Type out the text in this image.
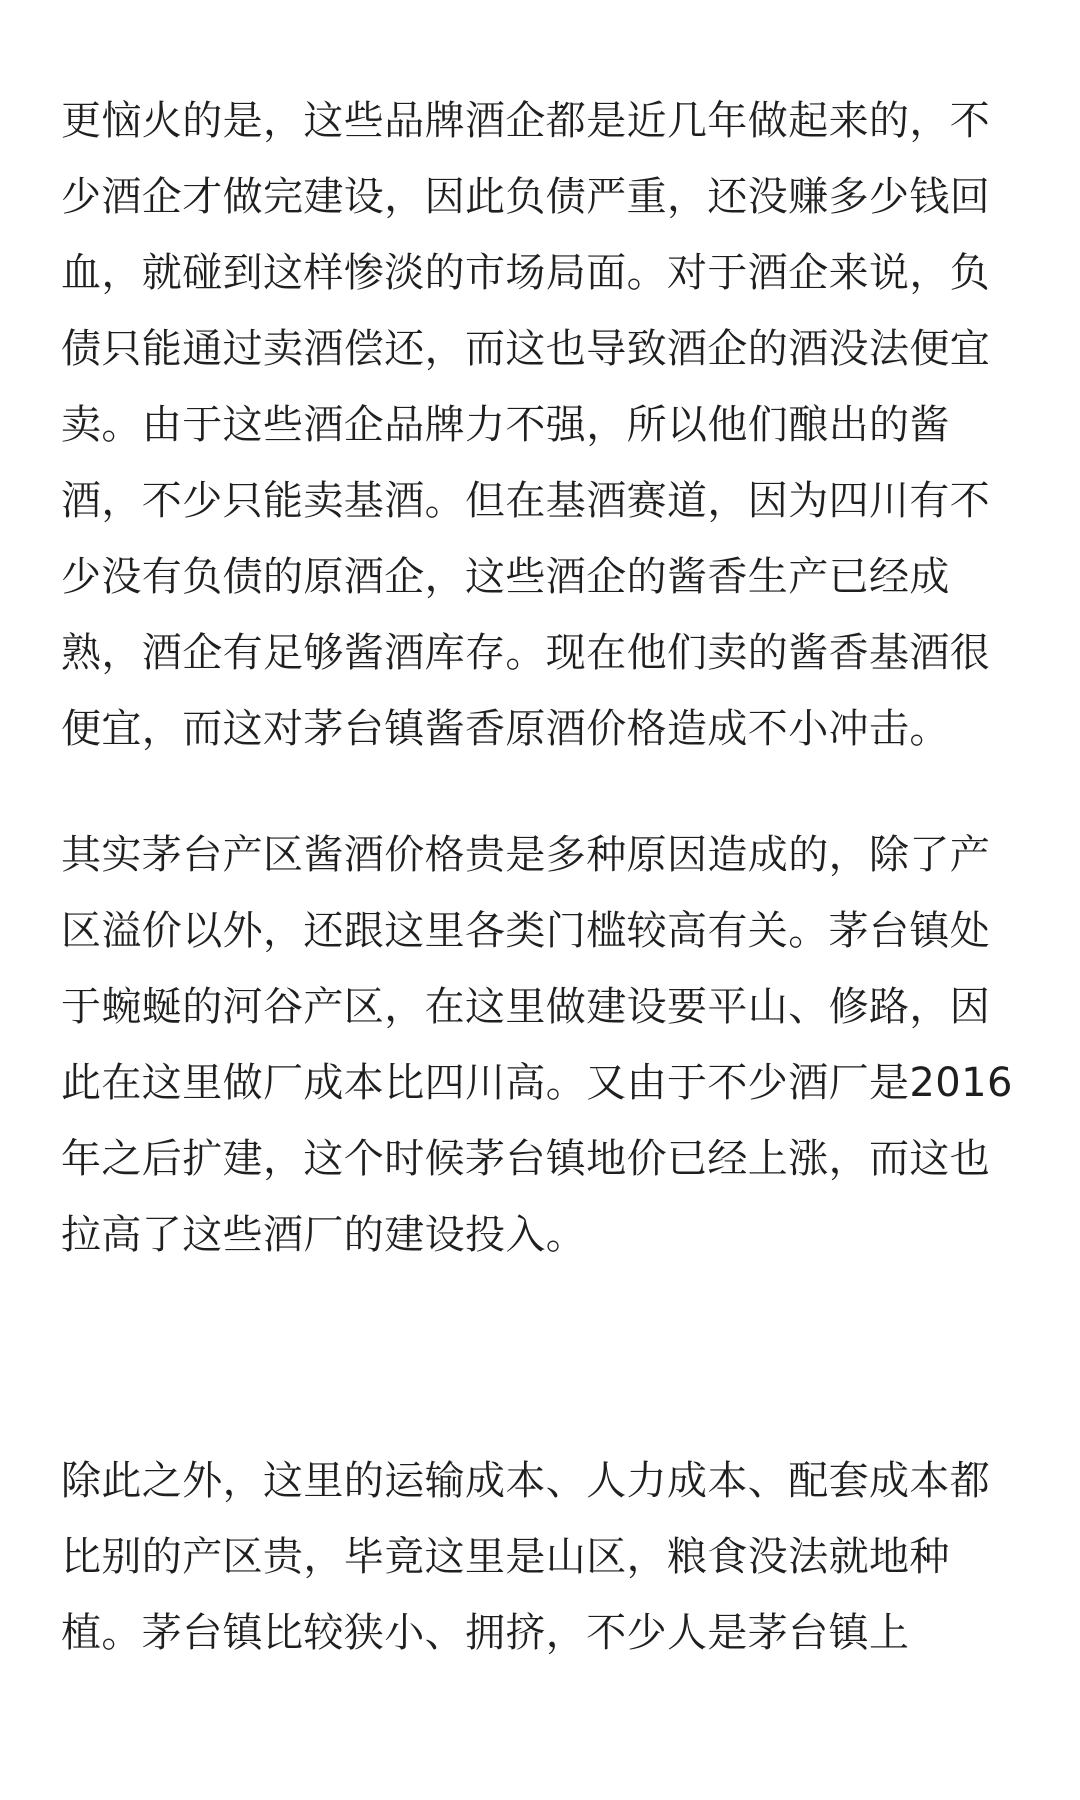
更恼火的是，这些品牌酒企都是近几年做起来的，不少酒企才做完建设，因此负债严重，还没赚多少钱回血，就碰到这样惨淡的市场局面。对于酒企来说，负债只能通过卖酒偿还，而这也导致酒企的酒没法便宜卖。由于这些酒企品牌力不强，所以他们酿出的酱酒，不少只能卖基酒。但在基酒赛道，因为四川有不少没有负债的原酒企，这些酒企的酱香生产已经成熟，酒企有足够酱酒库存。现在他们卖的酱香基酒很便宜，而这对茅台镇酱香原酒价格造成不小冲击。

其实茅台产区酱酒价格贵是多种原因造成的，除了产区溢价以外，还跟这里各类门槛较高有关。茅台镇处于蜿蜒的河谷产区，在这里做建设要平山、修路，因此在这里做厂成本比四川高。又由于不少酒厂是2016年之后扩建，这个时候茅台镇地价已经上涨，而这也拉高了这些酒厂的建设投入。

除此之外，这里的运输成本、人力成本、配套成本都比别的产区贵，毕竟这里是山区，粮食没法就地种植。茅台镇比较狭小、拥挤，不少人是茅台镇上
